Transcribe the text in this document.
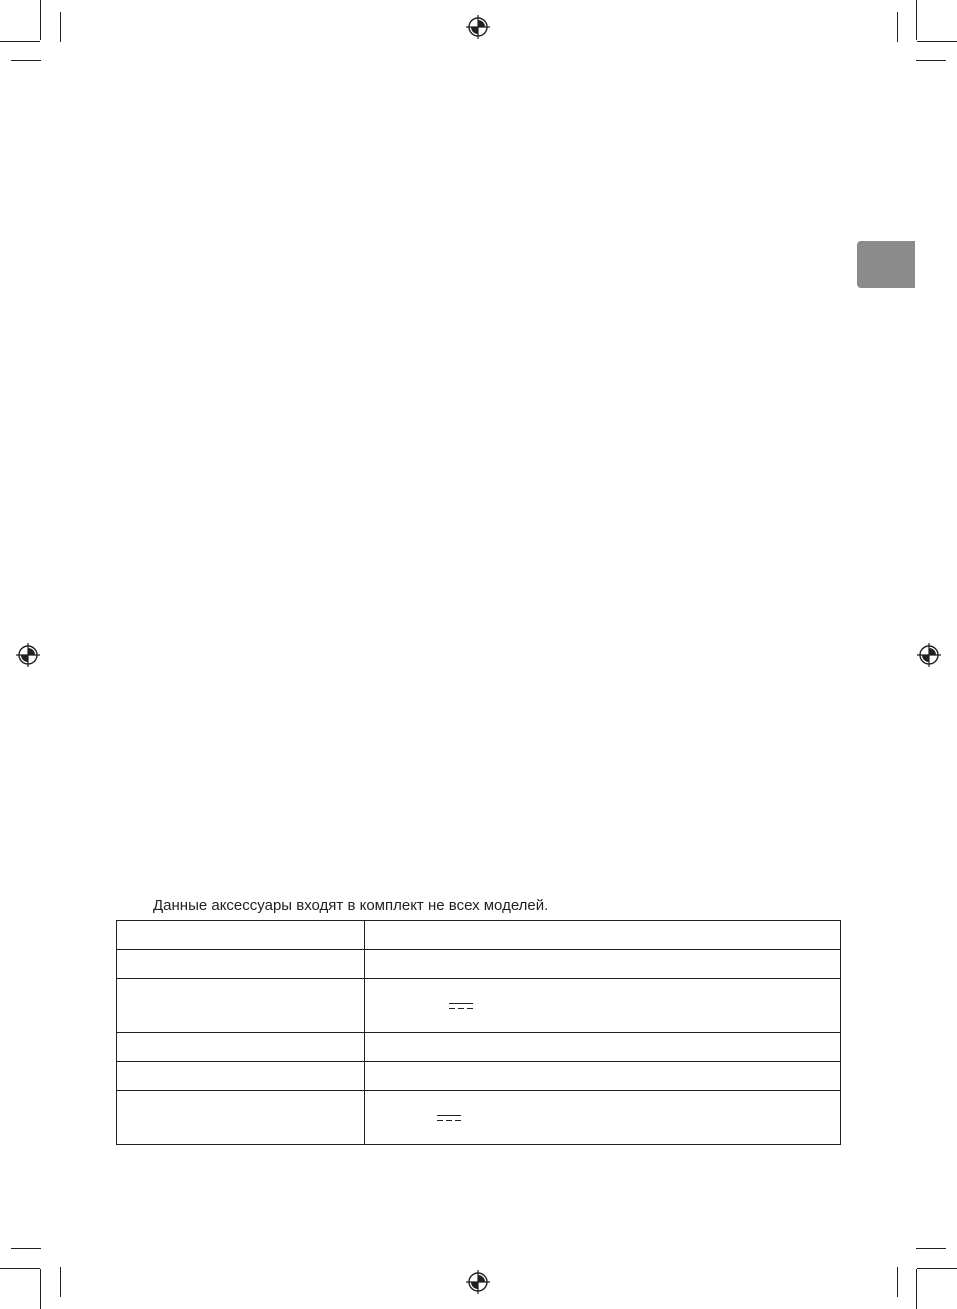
Данные аксессуары входят в комплект не всех моделей.
